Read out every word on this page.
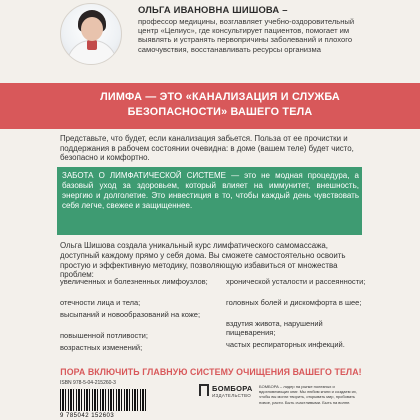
ОЛЬГА ИВАНОВНА ШИШОВА –
профессор медицины, возглавляет учебно-оздоровительный центр «Целиус», где консультирует пациентов, помогает им выявлять и устранять первопричины заболеваний и плохого самочувствия, восстанавливать ресурсы организма
ЛИМФА — ЭТО «КАНАЛИЗАЦИЯ И СЛУЖБА БЕЗОПАСНОСТИ» ВАШЕГО ТЕЛА
Представьте, что будет, если канализация забьется. Польза от ее прочистки и поддержания в рабочем состоянии очевидна: в доме (вашем теле) будет чисто, безопасно и комфортно.
ЗАБОТА О ЛИМФАТИЧЕСКОЙ СИСТЕМЕ — это не модная процедура, а базовый уход за здоровьем, который влияет на иммунитет, внешность, энергию и долголетие. Это инвестиция в то, чтобы каждый день чувствовать себя легче, свежее и защищеннее.
Ольга Шишова создала уникальный курс лимфатического самомассажа, доступный каждому прямо у себя дома. Вы сможете самостоятельно освоить простую и эффективную методику, позволяющую избавиться от множества проблем:
увеличенных и болезненных лимфоузлов;
отечности лица и тела;
высыпаний и новообразований на коже;
повышенной потливости;
возрастных изменений;
хронической усталости и рассеянности;
головных болей и дискомфорта в шее;
вздутия живота, нарушений пищеварения;
частых респираторных инфекций.
ПОРА ВКЛЮЧИТЬ ГЛАВНУЮ СИСТЕМУ ОЧИЩЕНИЯ ВАШЕГО ТЕЛА!
9 785042 152603
ISBN 978-5-04-215260-3
БОМБОРА
ИЗДАТЕЛЬСТВО
БОМБОРА – лидер на рынке полезных и вдохновляющих книг. Мы любим книги и создаем их, чтобы вы могли творить, открывать мир, пробовать новое, расти. Быть счастливыми. Быть на волне.
